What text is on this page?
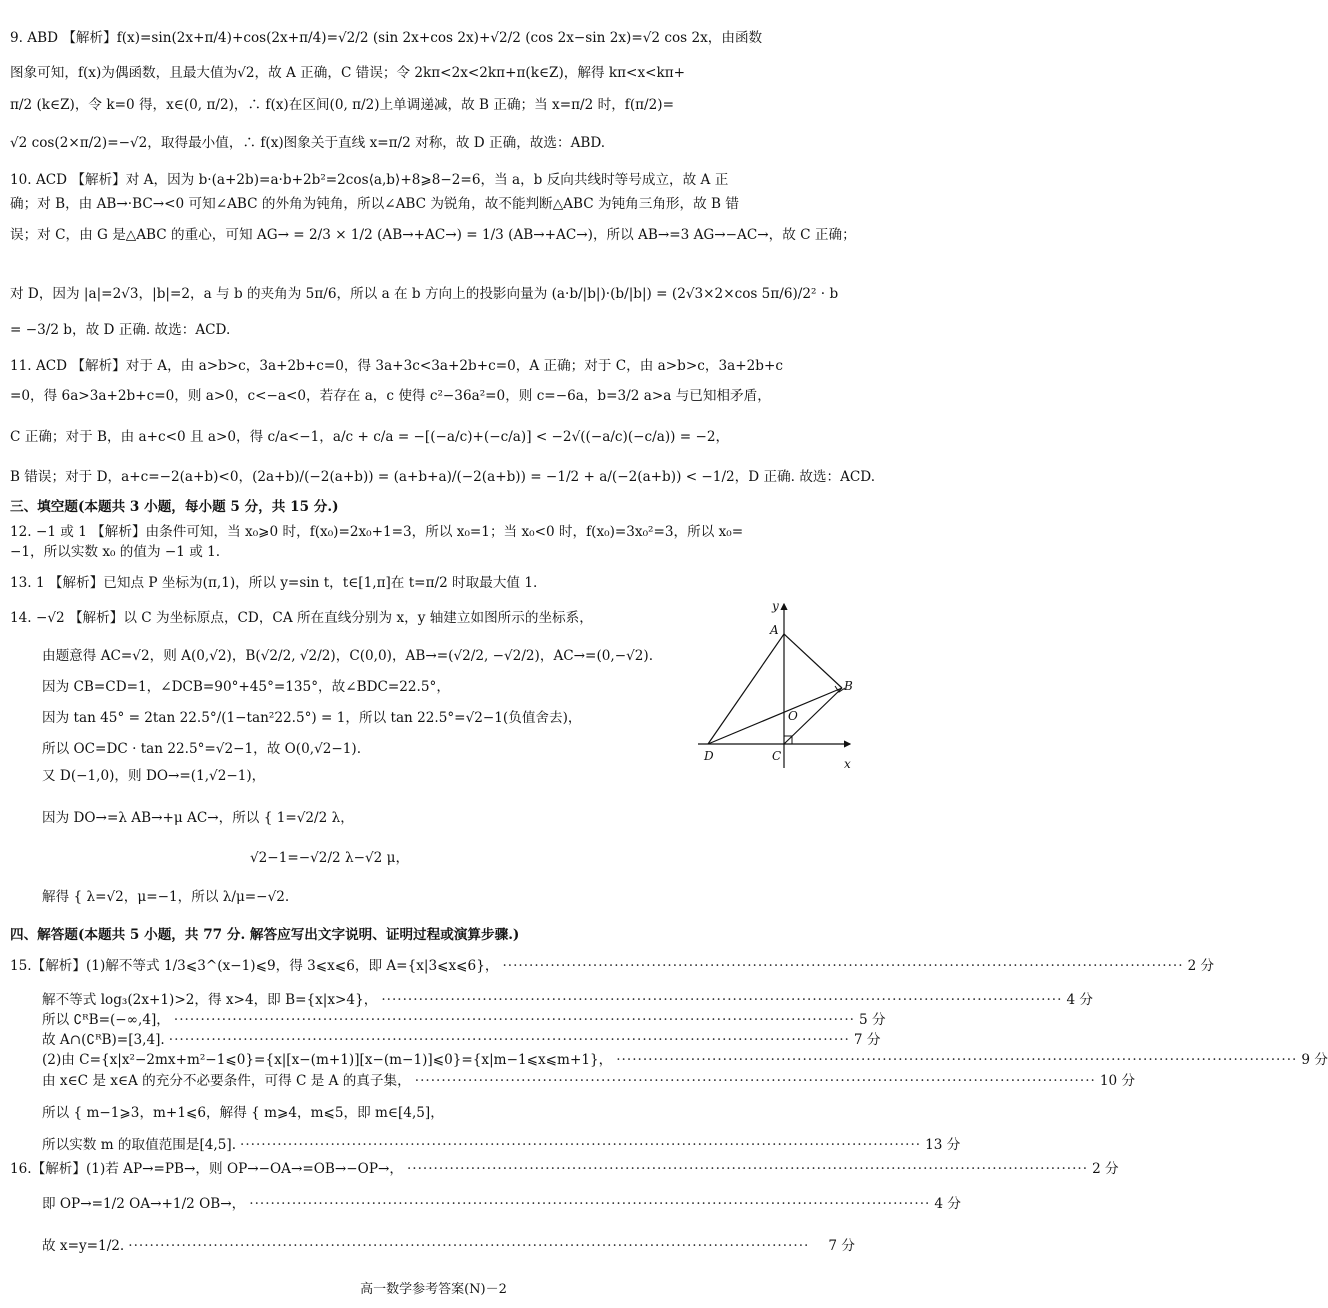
9. ABD 【解析】f(x)=sin(2x+π/4)+cos(2x+π/4)=√2/2 (sin 2x+cos 2x)+√2/2 (cos 2x−sin 2x)=√2 cos 2x，由函数
图象可知，f(x)为偶函数，且最大值为√2，故 A 正确，C 错误；令 2kπ<2x<2kπ+π(k∈Z)，解得 kπ<x<kπ+
π/2 (k∈Z)，令 k=0 得，x∈(0, π/2)，∴ f(x)在区间(0, π/2)上单调递减，故 B 正确；当 x=π/2 时，f(π/2)=
√2 cos(2×π/2)=−√2，取得最小值，∴ f(x)图象关于直线 x=π/2 对称，故 D 正确，故选：ABD.
10. ACD 【解析】对 A，因为 b·(a+2b)=a·b+2b²=2cos⟨a,b⟩+8⩾8−2=6，当 a，b 反向共线时等号成立，故 A 正
确；对 B，由 AB→·BC→<0 可知∠ABC 的外角为钝角，所以∠ABC 为锐角，故不能判断△ABC 为钝角三角形，故 B 错
误；对 C，由 G 是△ABC 的重心，可知 AG→ = 2/3 × 1/2 (AB→+AC→) = 1/3 (AB→+AC→)，所以 AB→=3 AG→−AC→，故 C 正确；
对 D，因为 |a|=2√3，|b|=2，a 与 b 的夹角为 5π/6，所以 a 在 b 方向上的投影向量为 (a·b/|b|)·(b/|b|) = (2√3×2×cos 5π/6)/2² · b
= −3/2 b，故 D 正确. 故选：ACD.
11. ACD 【解析】对于 A，由 a>b>c，3a+2b+c=0，得 3a+3c<3a+2b+c=0，A 正确；对于 C，由 a>b>c，3a+2b+c
=0，得 6a>3a+2b+c=0，则 a>0，c<−a<0，若存在 a，c 使得 c²−36a²=0，则 c=−6a，b=3/2 a>a 与已知相矛盾，
C 正确；对于 B，由 a+c<0 且 a>0，得 c/a<−1，a/c + c/a = −[(−a/c)+(−c/a)] < −2√((−a/c)(−c/a)) = −2，
B 错误；对于 D，a+c=−2(a+b)<0，(2a+b)/(−2(a+b)) = (a+b+a)/(−2(a+b)) = −1/2 + a/(−2(a+b)) < −1/2，D 正确. 故选：ACD.
三、填空题(本题共 3 小题，每小题 5 分，共 15 分.)
12. −1 或 1 【解析】由条件可知，当 x₀⩾0 时，f(x₀)=2x₀+1=3，所以 x₀=1；当 x₀<0 时，f(x₀)=3x₀²=3，所以 x₀=
−1，所以实数 x₀ 的值为 −1 或 1.
13. 1 【解析】已知点 P 坐标为(π,1)，所以 y=sin t，t∈[1,π]在 t=π/2 时取最大值 1.
14. −√2 【解析】以 C 为坐标原点，CD，CA 所在直线分别为 x，y 轴建立如图所示的坐标系，
由题意得 AC=√2，则 A(0,√2)，B(√2/2, √2/2)，C(0,0)，AB→=(√2/2, −√2/2)，AC→=(0,−√2).
因为 CB=CD=1，∠DCB=90°+45°=135°，故∠BDC=22.5°，
因为 tan 45° = 2tan 22.5°/(1−tan²22.5°) = 1，所以 tan 22.5°=√2−1(负值舍去)，
所以 OC=DC · tan 22.5°=√2−1，故 O(0,√2−1).
又 D(−1,0)，则 DO→=(1,√2−1)，
因为 DO→=λ AB→+μ AC→，所以 { 1=√2/2 λ，
√2−1=−√2/2 λ−√2 μ，
解得 { λ=√2，μ=−1，所以 λ/μ=−√2.
x
y
A
B
C
D
O
四、解答题(本题共 5 小题，共 77 分. 解答应写出文字说明、证明过程或演算步骤.)
15.【解析】(1)解不等式 1/3⩽3^(x−1)⩽9，得 3⩽x⩽6，即 A={x|3⩽x⩽6}， ································································································································ 2 分
解不等式 log₃(2x+1)>2，得 x>4，即 B={x|x>4}， ································································································································ 4 分
所以 ∁ᴿB=(−∞,4]， ································································································································ 5 分
故 A∩(∁ᴿB)=[3,4]. ································································································································ 7 分
(2)由 C={x|x²−2mx+m²−1⩽0}={x|[x−(m+1)][x−(m−1)]⩽0}={x|m−1⩽x⩽m+1}， ································································································································ 9 分
由 x∈C 是 x∈A 的充分不必要条件，可得 C 是 A 的真子集， ································································································································ 10 分
所以 { m−1⩾3，m+1⩽6，解得 { m⩾4，m⩽5，即 m∈[4,5]，
所以实数 m 的取值范围是[4,5]. ································································································································ 13 分
16.【解析】(1)若 AP→=PB→，则 OP→−OA→=OB→−OP→， ································································································································ 2 分
即 OP→=1/2 OA→+1/2 OB→， ································································································································ 4 分
故 x=y=1/2. ································································································································	7 分
高一数学参考答案(N)－2
